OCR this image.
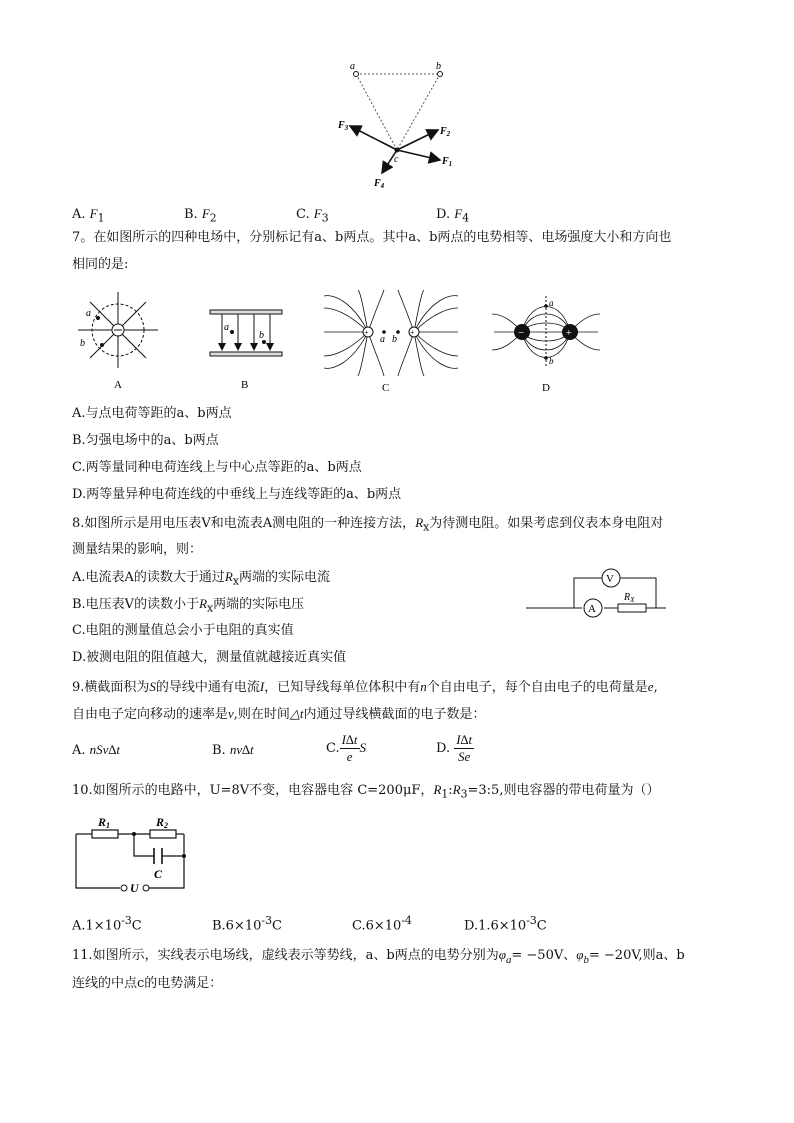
a	b
c	$F_1$
$F_2$
$F_3$
$F_4$
A. $F_1$	B. $F_2$	C. $F_3$	D. $F_4$
7。在如图所示的四种电场中，分别标记有a、b两点。其中a、b两点的电势相等、电场强度大小和方向也
相同的是:
a
b
A
a
b
B
+	+
a b
C
−	+
a
b
D
A.与点电荷等距的a、b两点
B.匀强电场中的a、b两点
C.两等量同种电荷连线上与中心点等距的a、b两点
D.两等量异种电荷连线的中垂线上与连线等距的a、b两点
8.如图所示是用电压表V和电流表A测电阻的一种连接方法，$R_x$为待测电阻。如果考虑到仪表本身电阻对
测量结果的影响，则：
A.电流表A的读数大于通过$R_x$两端的实际电流
B.电压表V的读数小于$R_x$两端的实际电压
C.电阻的测量值总会小于电阻的真实值
D.被测电阻的阻值越大，测量值就越接近真实值
V
A
$R_X$
9.横截面积为S的导线中通有电流I，已知导线每单位体积中有n个自由电子，每个自由电子的电荷量是e,
自由电子定向移动的速率是v,则在时间△t内通过导线横截面的电子数是：
A. nSv∆t	B. nv∆t	C. $\frac{I\Delta t}{e}$ S	D. $\frac{I\Delta t}{Se}$
10.如图所示的电路中，U=8V不变，电容器电容 C=200μF，$R_1:R_3=3:5$,则电容器的带电荷量为（）
R1	R2
C
U
$A.1\times 10^{-3}C$	$B.6\times 10^{-3}C$	$C.6\times 10^{-4}$	$D.1.6\times 10^{-3}C$
11.如图所示，实线表示电场线，虚线表示等势线，a、b两点的电势分别为$\varphi_a= -50V$、$\varphi_b= -20V$,则a、b
连线的中点c的电势满足：
